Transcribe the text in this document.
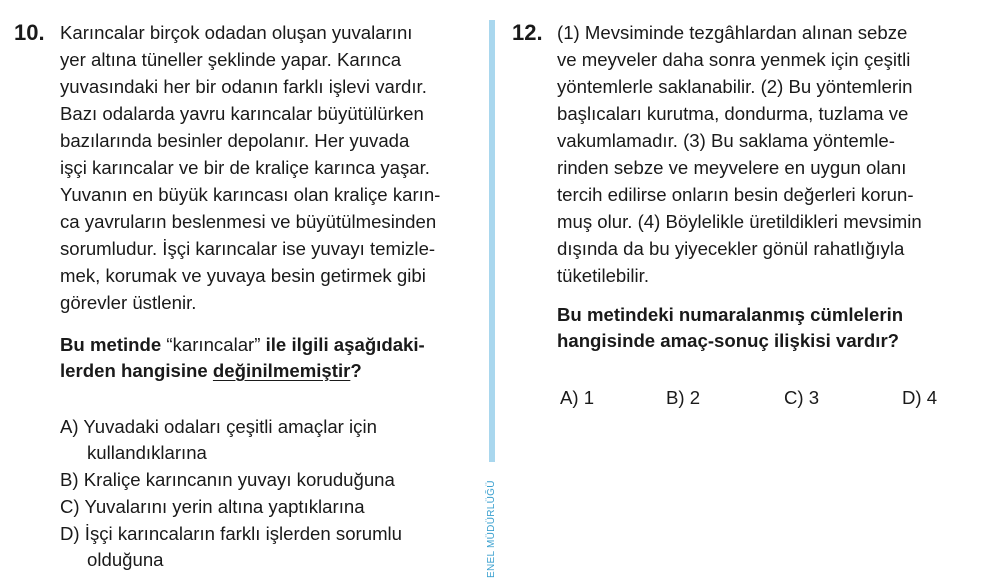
10. Karıncalar birçok odadan oluşan yuvalarını
yer altına tüneller şeklinde yapar. Karınca
yuvasındaki her bir odanın farklı işlevi vardır.
Bazı odalarda yavru karıncalar büyütülürken
bazılarında besinler depolanır. Her yuvada
işçi karıncalar ve bir de kraliçe karınca yaşar.
Yuvanın en büyük karıncası olan kraliçe karın-
ca yavruların beslenmesi ve büyütülmesinden
sorumludur. İşçi karıncalar ise yuvayı temizle-
mek, korumak ve yuvaya besin getirmek gibi
görevler üstlenir.
Bu metinde “karıncalar” ile ilgili aşağıdaki-
lerden hangisine değinilmemiştir?
A) Yuvadaki odaları çeşitli amaçlar için
kullandıklarına
B) Kraliçe karıncanın yuvayı koruduğuna
C) Yuvalarını yerin altına yaptıklarına
D) İşçi karıncaların farklı işlerden sorumlu
olduğuna	ENEL MÜDÜRLÜĞÜ
12. (1) Mevsiminde tezgâhlardan alınan sebze
ve meyveler daha sonra yenmek için çeşitli
yöntemlerle saklanabilir. (2) Bu yöntemlerin
başlıcaları kurutma, dondurma, tuzlama ve
vakumlamadır. (3) Bu saklama yöntemle-
rinden sebze ve meyvelere en uygun olanı
tercih edilirse onların besin değerleri korun-
muş olur. (4) Böylelikle üretildikleri mevsimin
dışında da bu yiyecekler gönül rahatlığıyla
tüketilebilir.
Bu metindeki numaralanmış cümlelerin
hangisinde amaç-sonuç ilişkisi vardır?
A) 1	B) 2	C) 3	D) 4
